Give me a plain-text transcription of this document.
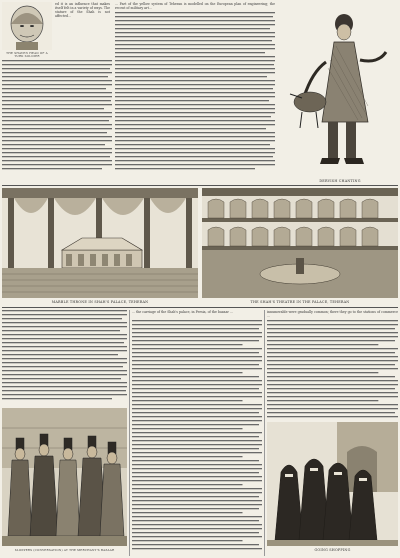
THE SHAVEN HEAD OF A TURK SOLDIER

ed it is an influence that makes itself felt in a variety of ways. The stature of the Shah is not affected...

... Part of the yellow system of Teheran is modelled on the European plan of engineering; the recent of military art...

DERVISH CHANTING
MARBLE THRONE IN SHAH'S PALACE, TEHERAN	THE SHAH'S THEATRE IN THE PALACE, TEHERAN

... the carriage of the Shah's palace, in Persia, of the bazaar ...	innumerable were gradually common; there they go to the stations of commerce ...

SLOPPERS (CONVERSATION) AT THE MERCHANT'S BAZAAR	GOING SHOPPING
